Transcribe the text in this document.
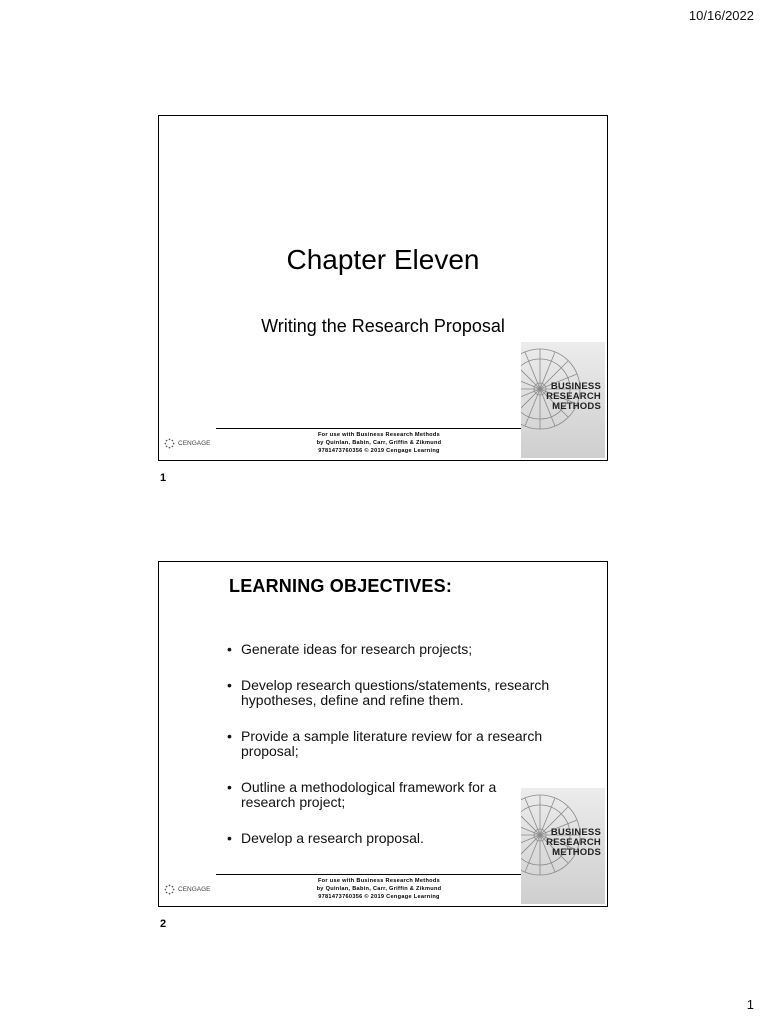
10/16/2022
Chapter Eleven
Writing the Research Proposal
For use with Business Research Methods
by Quinlan, Babin, Carr, Griffin & Zikmund
9781473760356 © 2019 Cengage Learning
CENGAGE
BUSINESS
RESEARCH
METHODS
1
LEARNING OBJECTIVES:
• Generate ideas for research projects;
• Develop research questions/statements, research hypotheses, define and refine them.
• Provide a sample literature review for a research proposal;
• Outline a methodological framework for a research project;
• Develop a research proposal.
For use with Business Research Methods
by Quinlan, Babin, Carr, Griffin & Zikmund
9781473760356 © 2019 Cengage Learning
CENGAGE
BUSINESS
RESEARCH
METHODS
2
1
